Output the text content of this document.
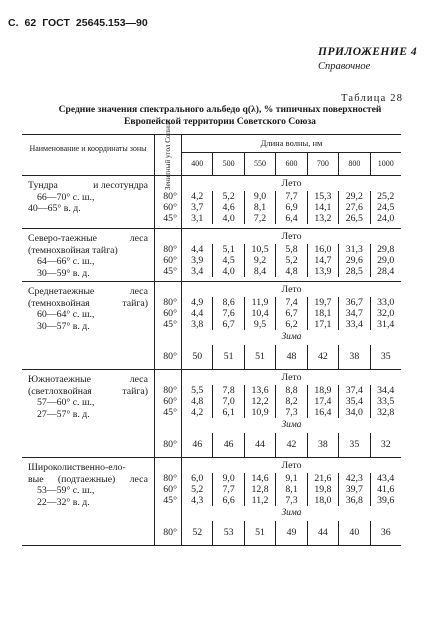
С. 62 ГОСТ 25645.153—90
ПРИЛОЖЕНИЕ 4
Справочное
Таблица 28
Средние значения спектрального альбедо q(λ), % типичных поверхностей
Европейской территории Советского Союза
Наименование и координаты зоны Зенитный угол Солнца	Длина волны, нм
400	500	550	600	700	800	1000
Тундра	и лесотундра
66—70° с. ш.,
40—65° в. д.
Лето
80°	4,2	5,2	9,0	7,7	15,3	29,2	25,2
60°	3,7	4,6	8,1	6,9	14,1	27,6	24,5
45°	3,1	4,0	7,2	6,4	13,2	26,5	24,0
Северо-таежные	леса
(темнохвойная тайга)
64—66° с. ш.,
30—59° в. д.
Лето
80°	4,4	5,1	10,5	5,8	16,0	31,3	29,8
60°	3,9	4,5	9,2	5,2	14,7	29,6	29,0
45°	3,4	4,0	8,4	4,8	13,9	28,5	28,4
Среднетаежные	леса
(темнохвойная	тайга)
60—64° с. ш.,
30—57° в. д.
Лето
80°	4,9	8,6	11,9	7,4	19,7	36,7	33,0
60°	4,4	7,6	10,4	6,7	18,1	34,7	32,0
45°	3,8	6,7	9,5	6,2	17,1	33,4	31,4
Зима
80°	50	51	51	48	42	38	35
Южнотаежные	леса
(светлохвойная	тайга)
57—60° с. ш.,
27—57° в. д.
Лето
80°	5,5	7,8	13,6	8,8	18,9	37,4	34,4
60°	4,8	7,0	12,2	8,2	17,4	35,4	33,5
45°	4,2	6,1	10,9	7,3	16,4	34,0	32,8
Зима
80°	46	46	44	42	38	35	32
Широколиственно-ело-
вые (подтаежные) леса
53—59° с. ш.,
22—32° в. д.
Лето
80°	6,0	9,0	14,6	9,1	21,6	42,3	43,4
60°	5,2	7,7	12,8	8,1	19,8	39,7	41,6
45°	4,3	6,6	11,2	7,3	18,0	36,8	39,6
Зима
80°	52	53	51	49	44	40	36
